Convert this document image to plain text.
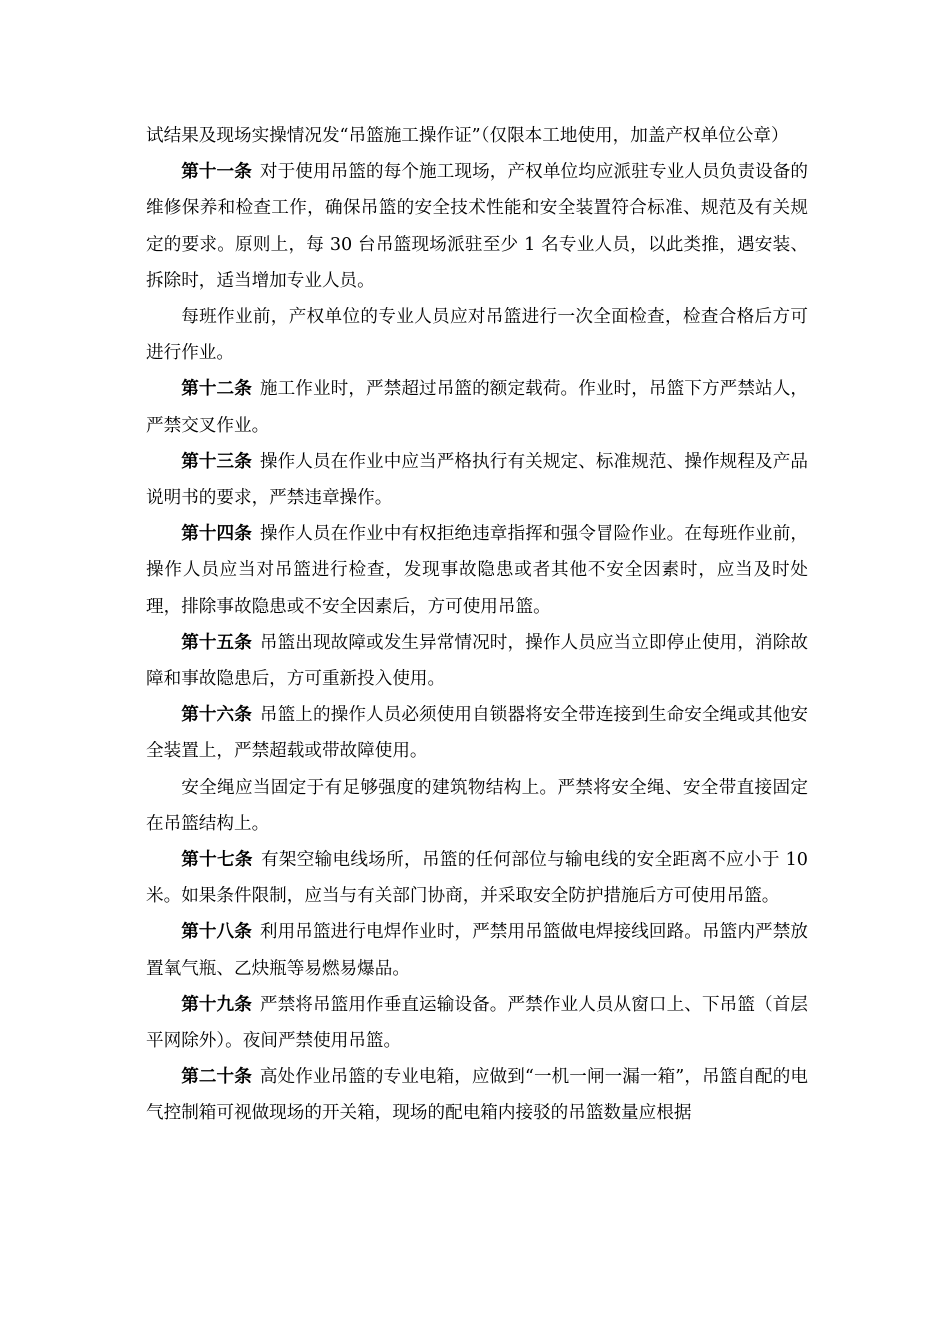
试结果及现场实操情况发“吊篮施工操作证”（仅限本工地使用，加盖产权单位公章）

第十一条 对于使用吊篮的每个施工现场，产权单位均应派驻专业人员负责设备的维修保养和检查工作，确保吊篮的安全技术性能和安全装置符合标准、规范及有关规定的要求。原则上，每 30 台吊篮现场派驻至少 1 名专业人员，以此类推，遇安装、拆除时，适当增加专业人员。

每班作业前，产权单位的专业人员应对吊篮进行一次全面检查，检查合格后方可进行作业。

第十二条 施工作业时，严禁超过吊篮的额定载荷。作业时，吊篮下方严禁站人，严禁交叉作业。

第十三条 操作人员在作业中应当严格执行有关规定、标准规范、操作规程及产品说明书的要求，严禁违章操作。

第十四条 操作人员在作业中有权拒绝违章指挥和强令冒险作业。在每班作业前，操作人员应当对吊篮进行检查，发现事故隐患或者其他不安全因素时，应当及时处理，排除事故隐患或不安全因素后，方可使用吊篮。

第十五条 吊篮出现故障或发生异常情况时，操作人员应当立即停止使用，消除故障和事故隐患后，方可重新投入使用。

第十六条 吊篮上的操作人员必须使用自锁器将安全带连接到生命安全绳或其他安全装置上，严禁超载或带故障使用。

安全绳应当固定于有足够强度的建筑物结构上。严禁将安全绳、安全带直接固定在吊篮结构上。

第十七条 有架空输电线场所，吊篮的任何部位与输电线的安全距离不应小于 10 米。如果条件限制，应当与有关部门协商，并采取安全防护措施后方可使用吊篮。

第十八条 利用吊篮进行电焊作业时，严禁用吊篮做电焊接线回路。吊篮内严禁放置氧气瓶、乙炔瓶等易燃易爆品。

第十九条 严禁将吊篮用作垂直运输设备。严禁作业人员从窗口上、下吊篮（首层平网除外）。夜间严禁使用吊篮。

第二十条 高处作业吊篮的专业电箱，应做到“一机一闸一漏一箱”，吊篮自配的电气控制箱可视做现场的开关箱，现场的配电箱内接驳的吊篮数量应根据
